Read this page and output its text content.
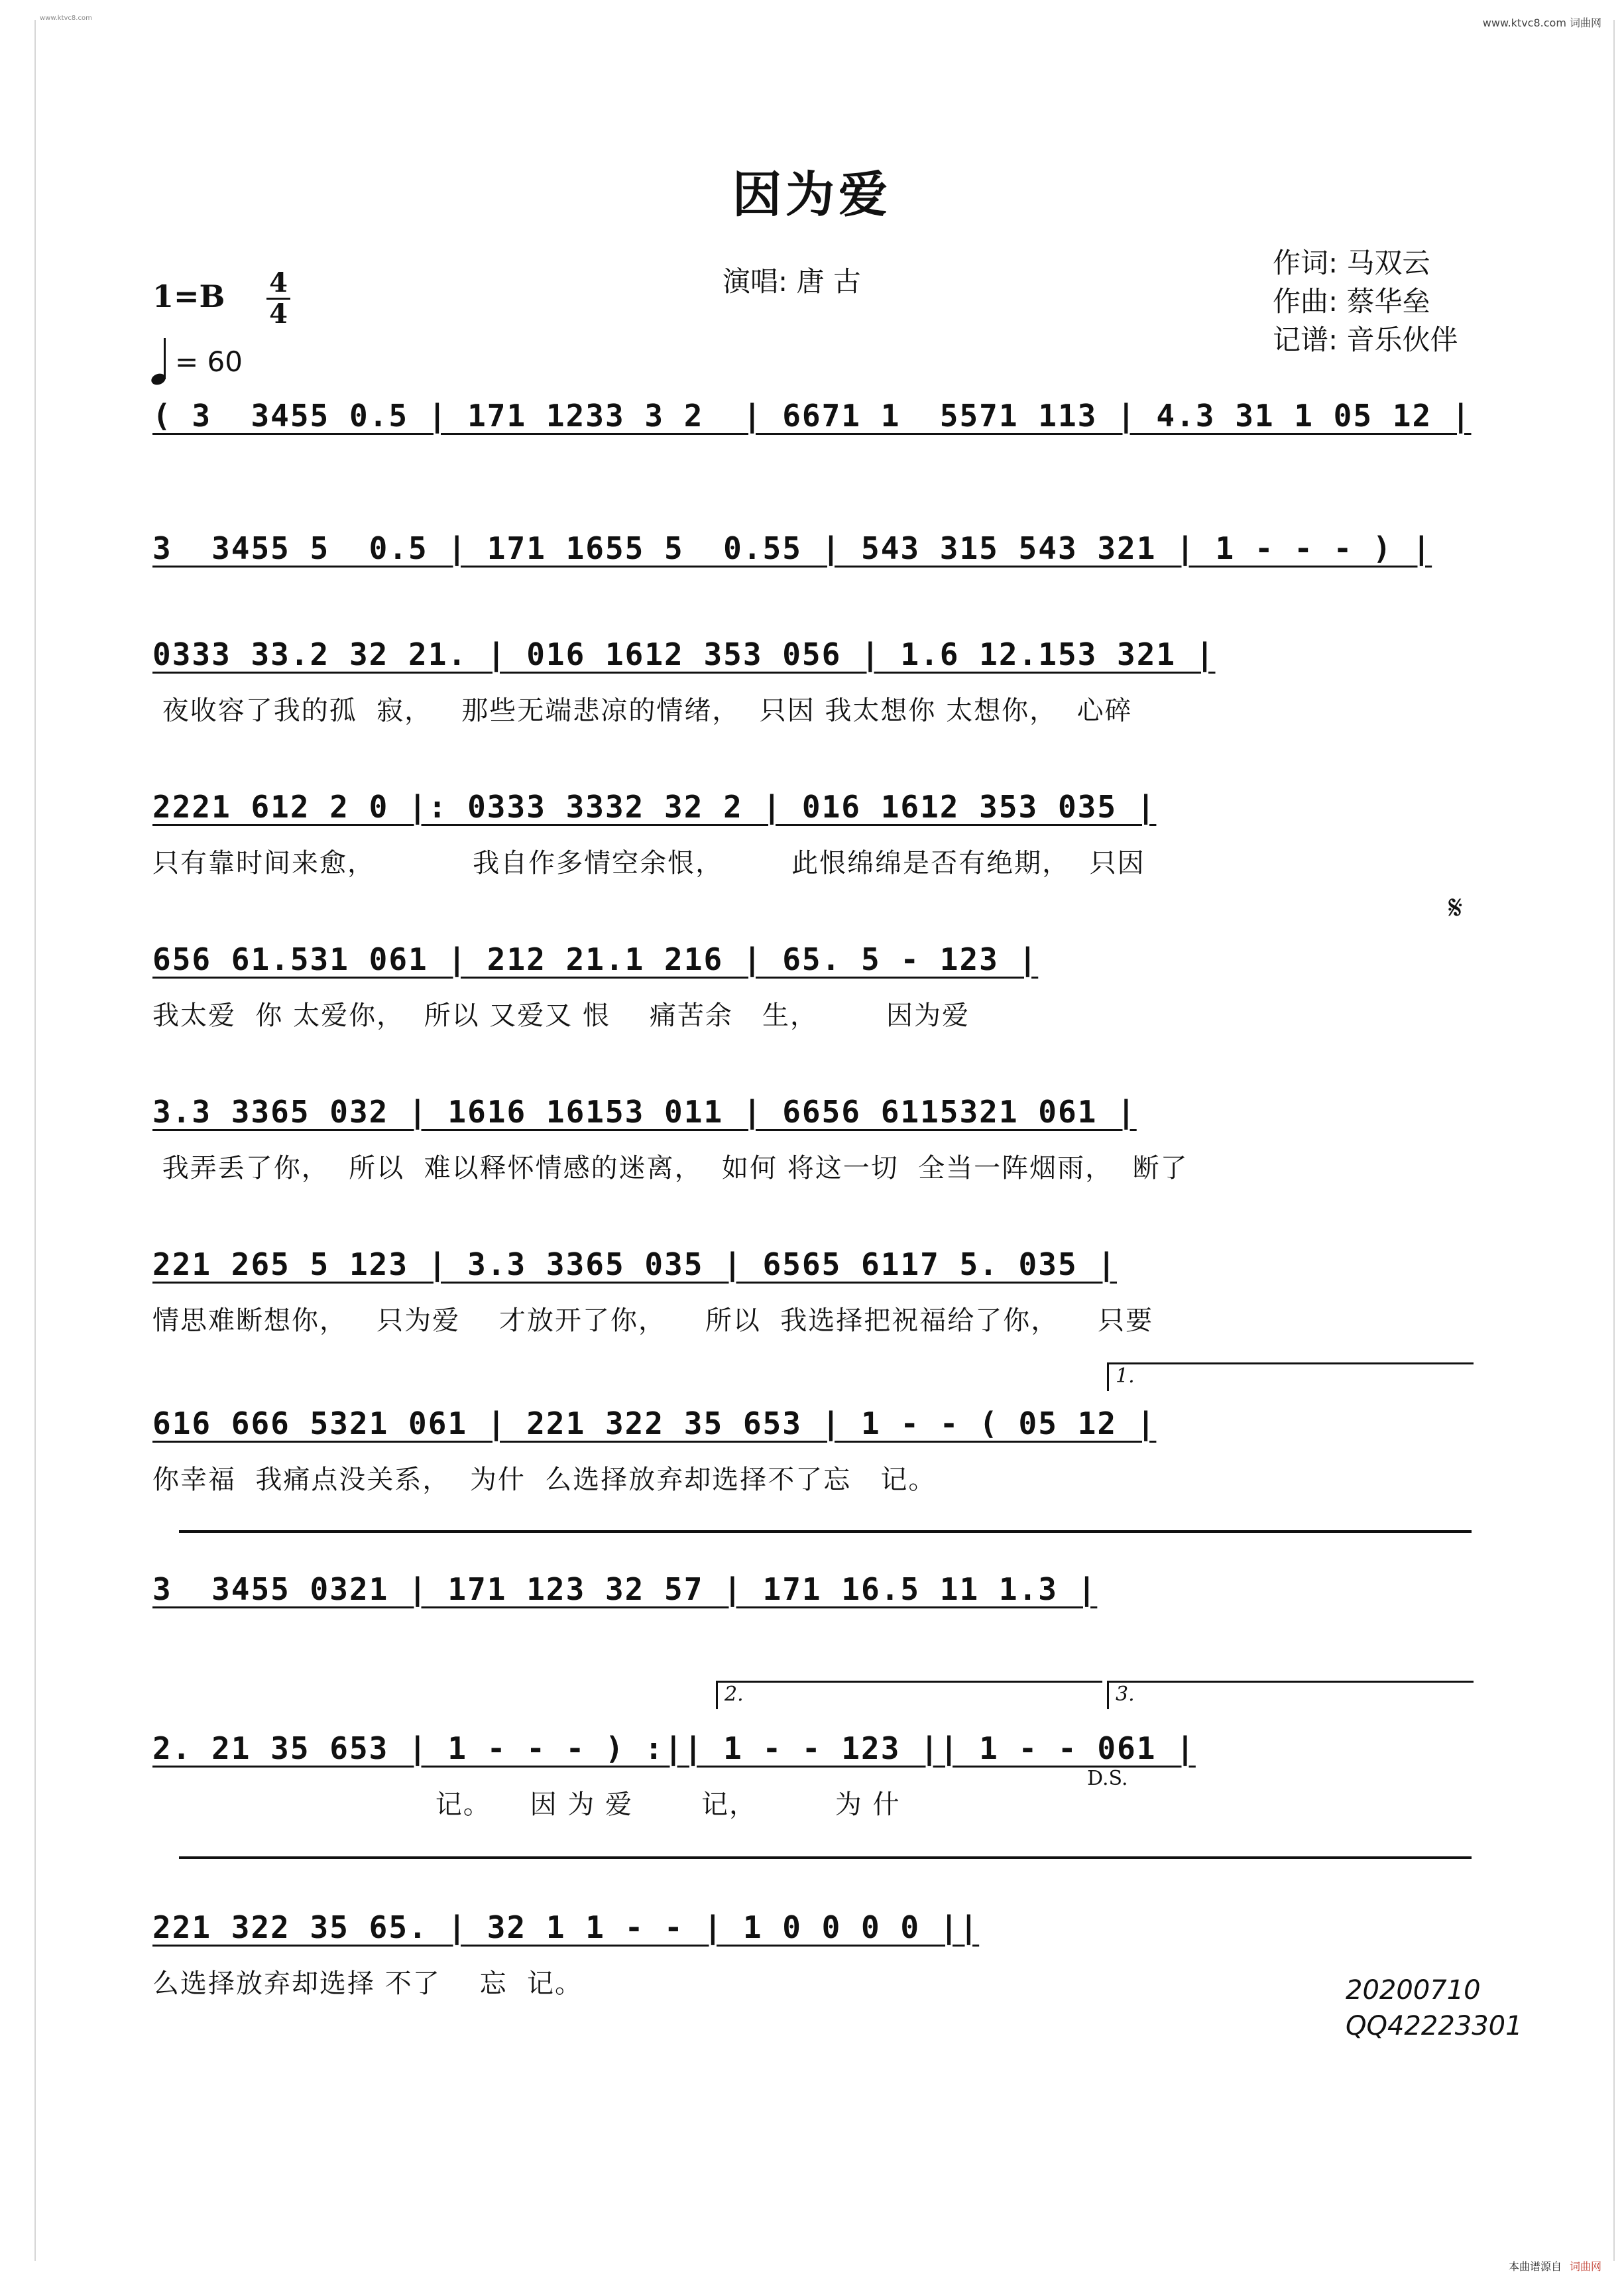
www.ktvc8.com	www.ktvc8.com 词曲网
因为爱
演唱: 唐 古
作词: 马双云
作曲: 蔡华垒
记谱: 音乐伙伴
1=B 4
4
= 60
( 3  3455 0.5 | 171 1233 3 2  | 6671 1  5571 113 | 4.3 31 1 05 12 |
3  3455 5  0.5 | 171 1655 5  0.55 | 543 315 543 321 | 1 - - - ) |
0333 33.2 32 21. | 016 1612 353 056 | 1.6 12.153 321 |
夜收容了我的孤  寂，   那些无端悲凉的情绪，  只因 我太想你 太想你，  心碎
2221 612 2 0 |: 0333 3332 32 2 | 016 1612 353 035 |
只有靠时间来愈，          我自作多情空余恨，       此恨绵绵是否有绝期，  只因
656 61.531 061 | 212 21.1 216 | 65. 5 - 123 |
我太爱  你 太爱你，  所以 又爱又 恨    痛苦余   生，       因为爱
3.3 3365 032 | 1616 16153 011 | 6656 6115321 061 |
我弄丢了你，  所以  难以释怀情感的迷离，  如何 将这一切  全当一阵烟雨，  断了
221 265 5 123 | 3.3 3365 035 | 6565 6117 5. 035 |
情思难断想你，   只为爱    才放开了你，    所以  我选择把祝福给了你，    只要
616 666 5321 061 | 221 322 35 653 | 1 - - ( 05 12 |
你幸福  我痛点没关系，  为什  么选择放弃却选择不了忘   记。
3  3455 0321 | 171 123 32 57 | 171 16.5 11 1.3 |
2. 21 35 653 | 1 - - - ) :|| 1 - - 123 || 1 - - 061 |
记。    因 为 爱       记，        为 什
221 322 35 65. | 32 1 1 - - | 1 0 0 0 0 ||
么选择放弃却选择 不了    忘  记。
1.
2.	3.
D.S.
𝄋
20200710
QQ42223301
本曲谱源自 词曲网
